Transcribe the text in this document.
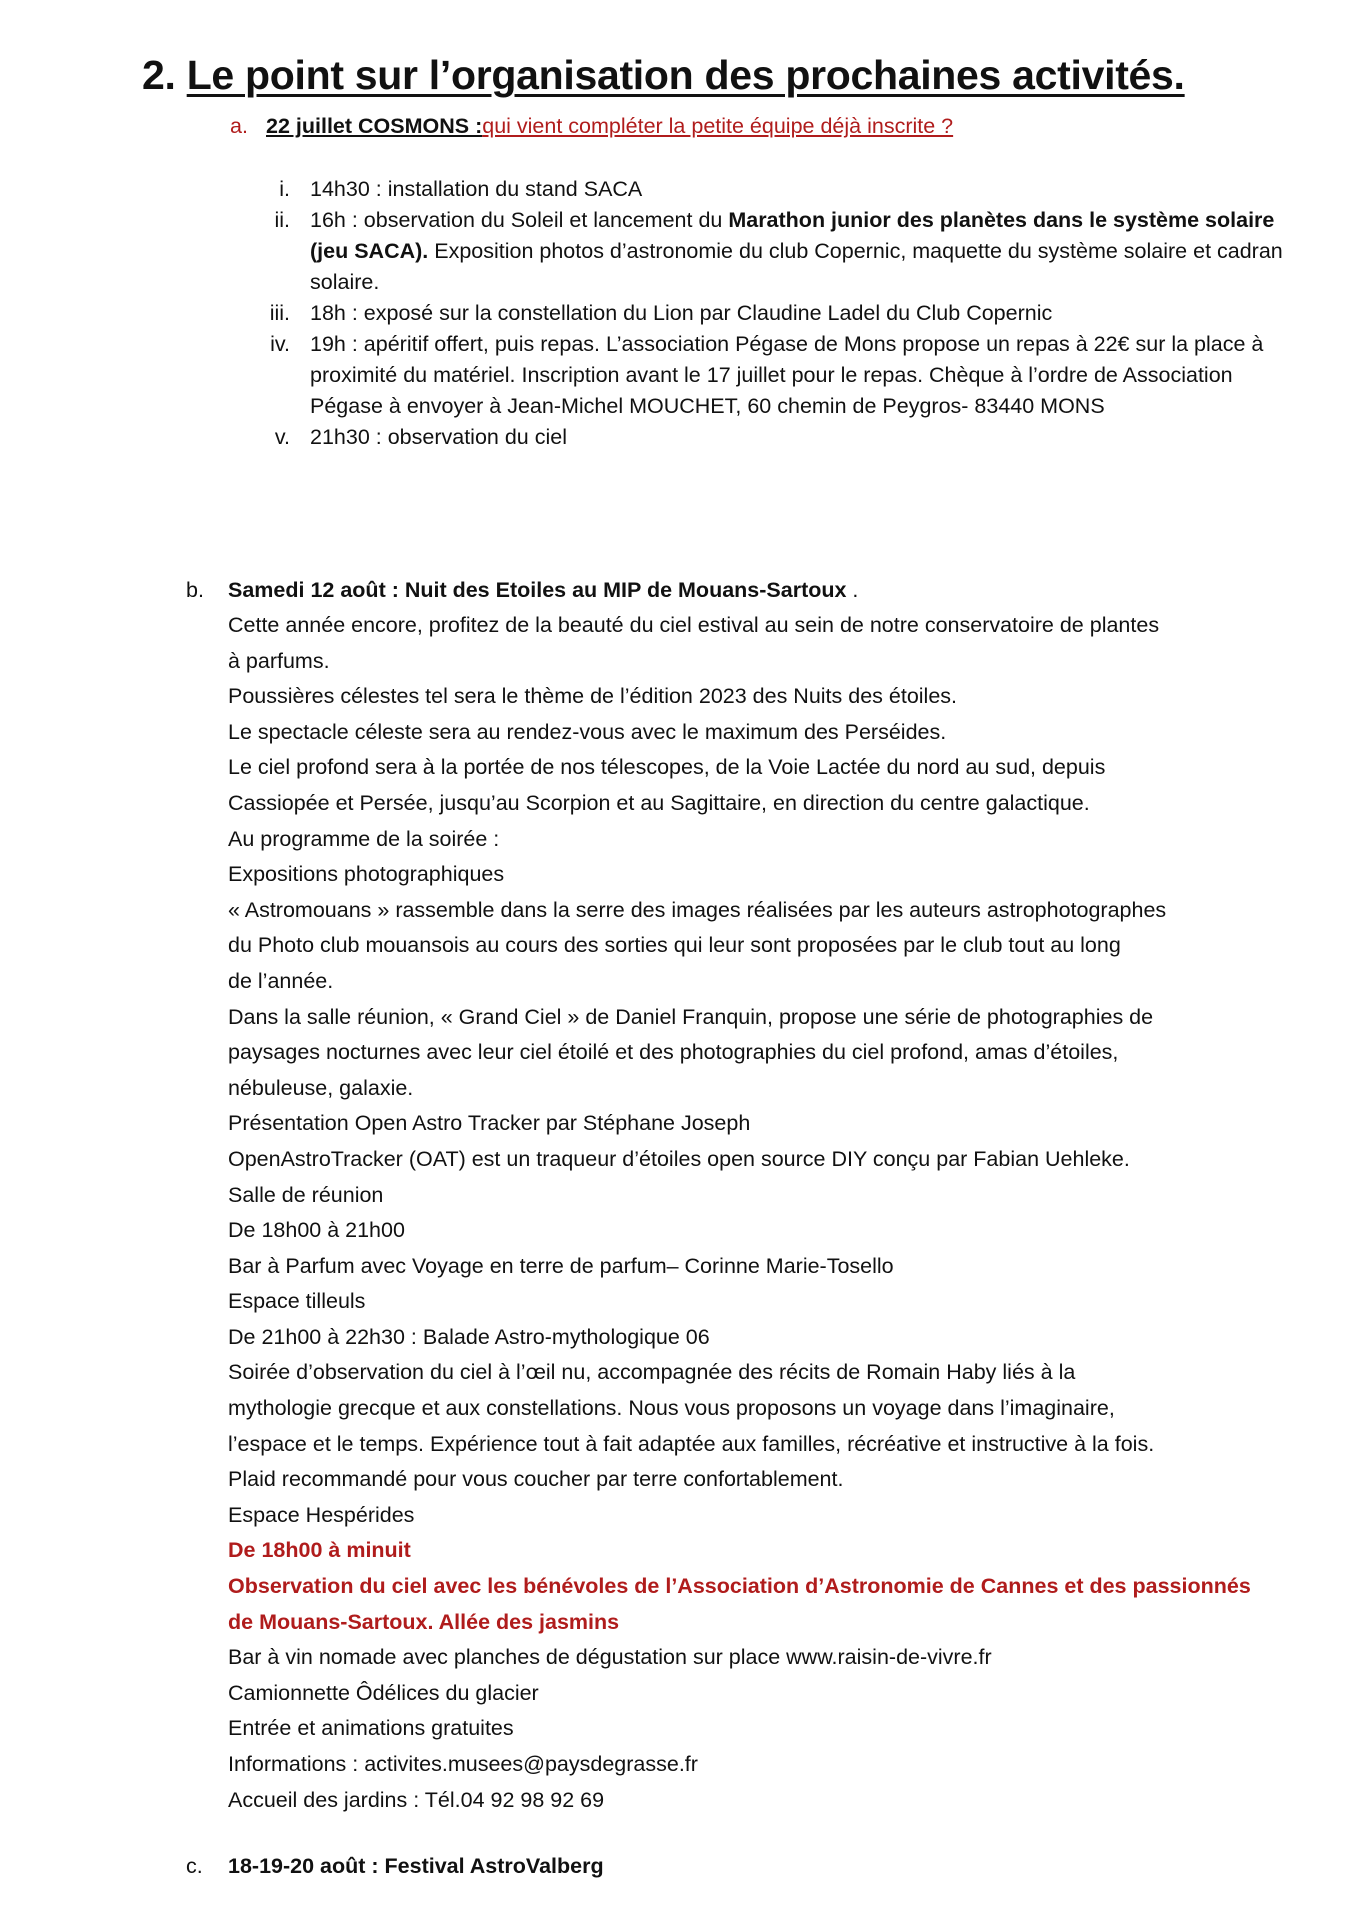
2. Le point sur l’organisation des prochaines activités.
a. 22 juillet COSMONS :qui vient compléter la petite équipe déjà inscrite ?
i. 14h30 : installation du stand SACA
ii. 16h : observation du Soleil et lancement du Marathon junior des planètes dans le système solaire (jeu SACA). Exposition photos d’astronomie du club Copernic, maquette du système solaire et cadran solaire.
iii. 18h : exposé sur la constellation du Lion par Claudine Ladel du Club Copernic
iv. 19h : apéritif offert, puis repas. L’association Pégase de Mons propose un repas à 22€ sur la place à proximité du matériel. Inscription avant le 17 juillet pour le repas. Chèque à l’ordre de Association Pégase à envoyer à Jean-Michel MOUCHET, 60 chemin de Peygros- 83440 MONS
v. 21h30 : observation du ciel
b. Samedi 12 août : Nuit des Etoiles au MIP de Mouans-Sartoux .
Cette année encore, profitez de la beauté du ciel estival au sein de notre conservatoire de plantes
à parfums.
Poussières célestes tel sera le thème de l’édition 2023 des Nuits des étoiles.
Le spectacle céleste sera au rendez-vous avec le maximum des Perséides.
Le ciel profond sera à la portée de nos télescopes, de la Voie Lactée du nord au sud, depuis
Cassiopée et Persée, jusqu’au Scorpion et au Sagittaire, en direction du centre galactique.
Au programme de la soirée :
Expositions photographiques
« Astromouans » rassemble dans la serre des images réalisées par les auteurs astrophotographes
du Photo club mouansois au cours des sorties qui leur sont proposées par le club tout au long
de l’année.
Dans la salle réunion, « Grand Ciel » de Daniel Franquin, propose une série de photographies de
paysages nocturnes avec leur ciel étoilé et des photographies du ciel profond, amas d’étoiles,
nébuleuse, galaxie.
Présentation Open Astro Tracker par Stéphane Joseph
OpenAstroTracker (OAT) est un traqueur d’étoiles open source DIY conçu par Fabian Uehleke.
Salle de réunion
De 18h00 à 21h00
Bar à Parfum avec Voyage en terre de parfum– Corinne Marie-Tosello
Espace tilleuls
De 21h00 à 22h30 : Balade Astro-mythologique 06
Soirée d’observation du ciel à l’œil nu, accompagnée des récits de Romain Haby liés à la
mythologie grecque et aux constellations. Nous vous proposons un voyage dans l’imaginaire,
l’espace et le temps. Expérience tout à fait adaptée aux familles, récréative et instructive à la fois.
Plaid recommandé pour vous coucher par terre confortablement.
Espace Hespérides
De 18h00 à minuit
Observation du ciel avec les bénévoles de l’Association d’Astronomie de Cannes et des passionnés
de Mouans-Sartoux. Allée des jasmins
Bar à vin nomade avec planches de dégustation sur place www.raisin-de-vivre.fr
Camionnette Ôdélices du glacier
Entrée et animations gratuites
Informations : activites.musees@paysdegrasse.fr
Accueil des jardins : Tél.04 92 98 92 69
c. 18-19-20 août : Festival AstroValberg
